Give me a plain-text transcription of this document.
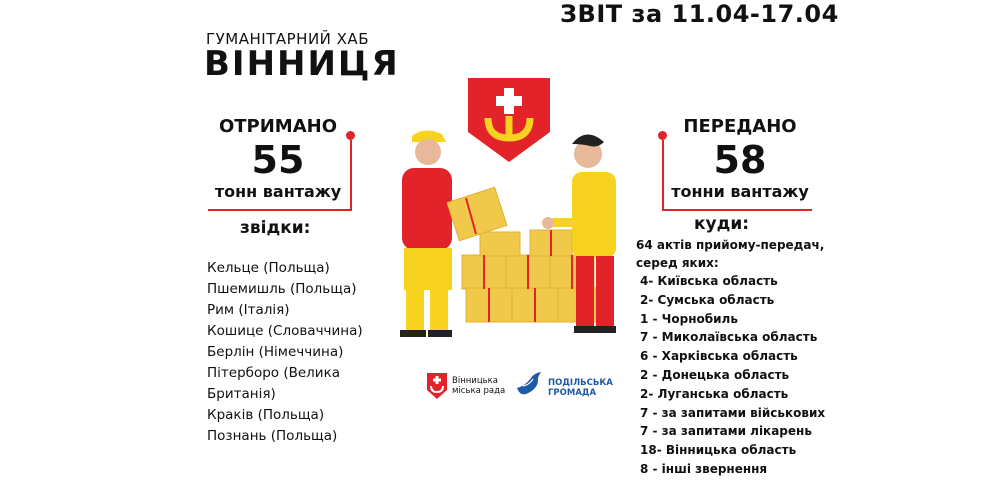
ЗВІТ за 11.04-17.04
ГУМАНІТАРНИЙ ХАБ
ВІННИЦЯ
ОТРИМАНО
55
тонн вантажу
звідки:
Кельце (Польща)
Пшемишль (Польща)
Рим (Італія)
Кошице (Словаччина)
Берлін (Німеччина)
Пітерборо (Велика
Британія)
Краків (Польща)
Познань (Польща)
ПЕРЕДАНО
58
тонни вантажу
куди:
64 актів прийому-передач,
серед яких:
4- Київська область
2- Сумська область
1 - Чорнобиль
7 - Миколаївська область
6 - Харківська область
2 - Донецька область
2- Луганська область
7 - за запитами військових
7 - за запитами лікарень
18- Вінницька область
8 - інші звернення
Вінницька
міська рада
ПОДІЛЬСЬКА
ГРОМАДА
